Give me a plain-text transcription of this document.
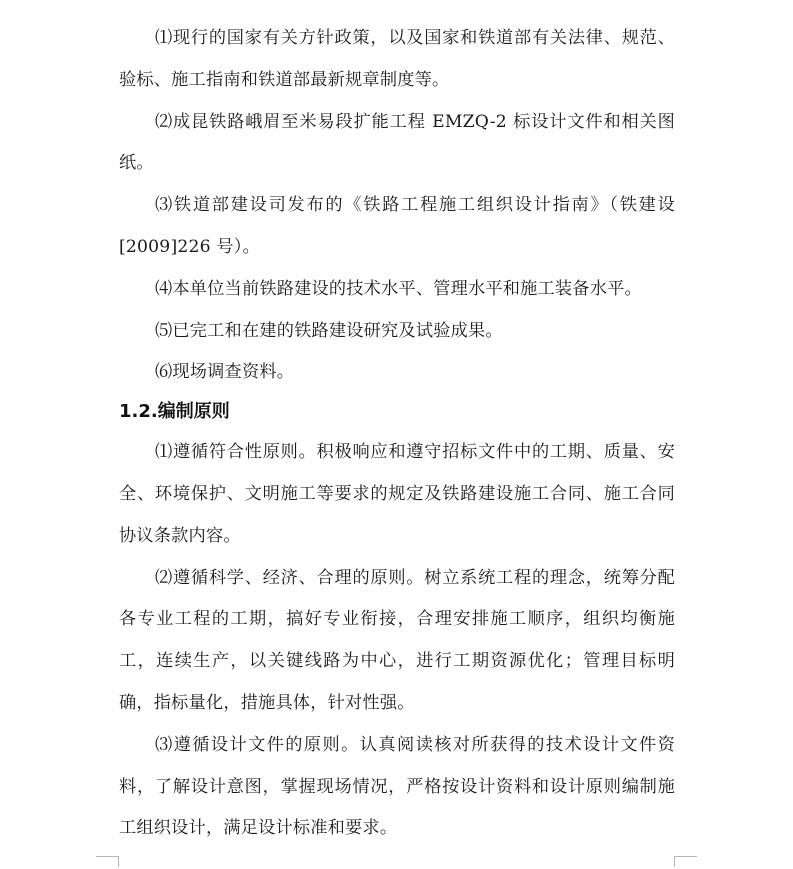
⑴现行的国家有关方针政策，以及国家和铁道部有关法律、规范、验标、施工指南和铁道部最新规章制度等。

⑵成昆铁路峨眉至米易段扩能工程 EMZQ-2 标设计文件和相关图纸。

⑶铁道部建设司发布的《铁路工程施工组织设计指南》（铁建设[2009]226 号）。

⑷本单位当前铁路建设的技术水平、管理水平和施工装备水平。

⑸已完工和在建的铁路建设研究及试验成果。

⑹现场调查资料。

1.2.编制原则

⑴遵循符合性原则。积极响应和遵守招标文件中的工期、质量、安全、环境保护、文明施工等要求的规定及铁路建设施工合同、施工合同协议条款内容。

⑵遵循科学、经济、合理的原则。树立系统工程的理念，统筹分配各专业工程的工期，搞好专业衔接，合理安排施工顺序，组织均衡施工，连续生产，以关键线路为中心，进行工期资源优化；管理目标明确，指标量化，措施具体，针对性强。

⑶遵循设计文件的原则。认真阅读核对所获得的技术设计文件资料，了解设计意图，掌握现场情况，严格按设计资料和设计原则编制施工组织设计，满足设计标准和要求。
